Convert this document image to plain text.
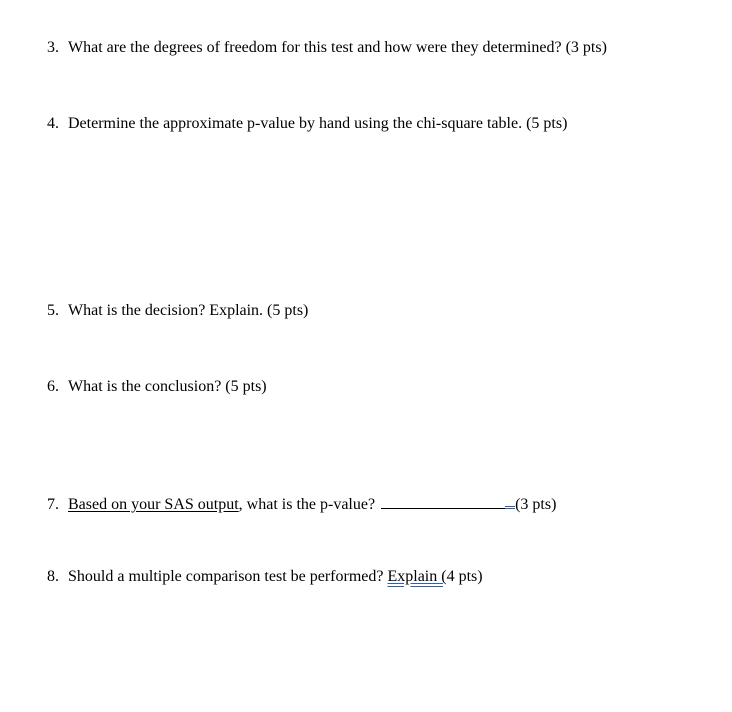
3. What are the degrees of freedom for this test and how were they determined? (3 pts)
4. Determine the approximate p-value by hand using the chi-square table. (5 pts)
5. What is the decision? Explain. (5 pts)
6. What is the conclusion? (5 pts)
7. Based on your SAS output, what is the p-value?	(3 pts)
8. Should a multiple comparison test be performed? Explain (4 pts)
